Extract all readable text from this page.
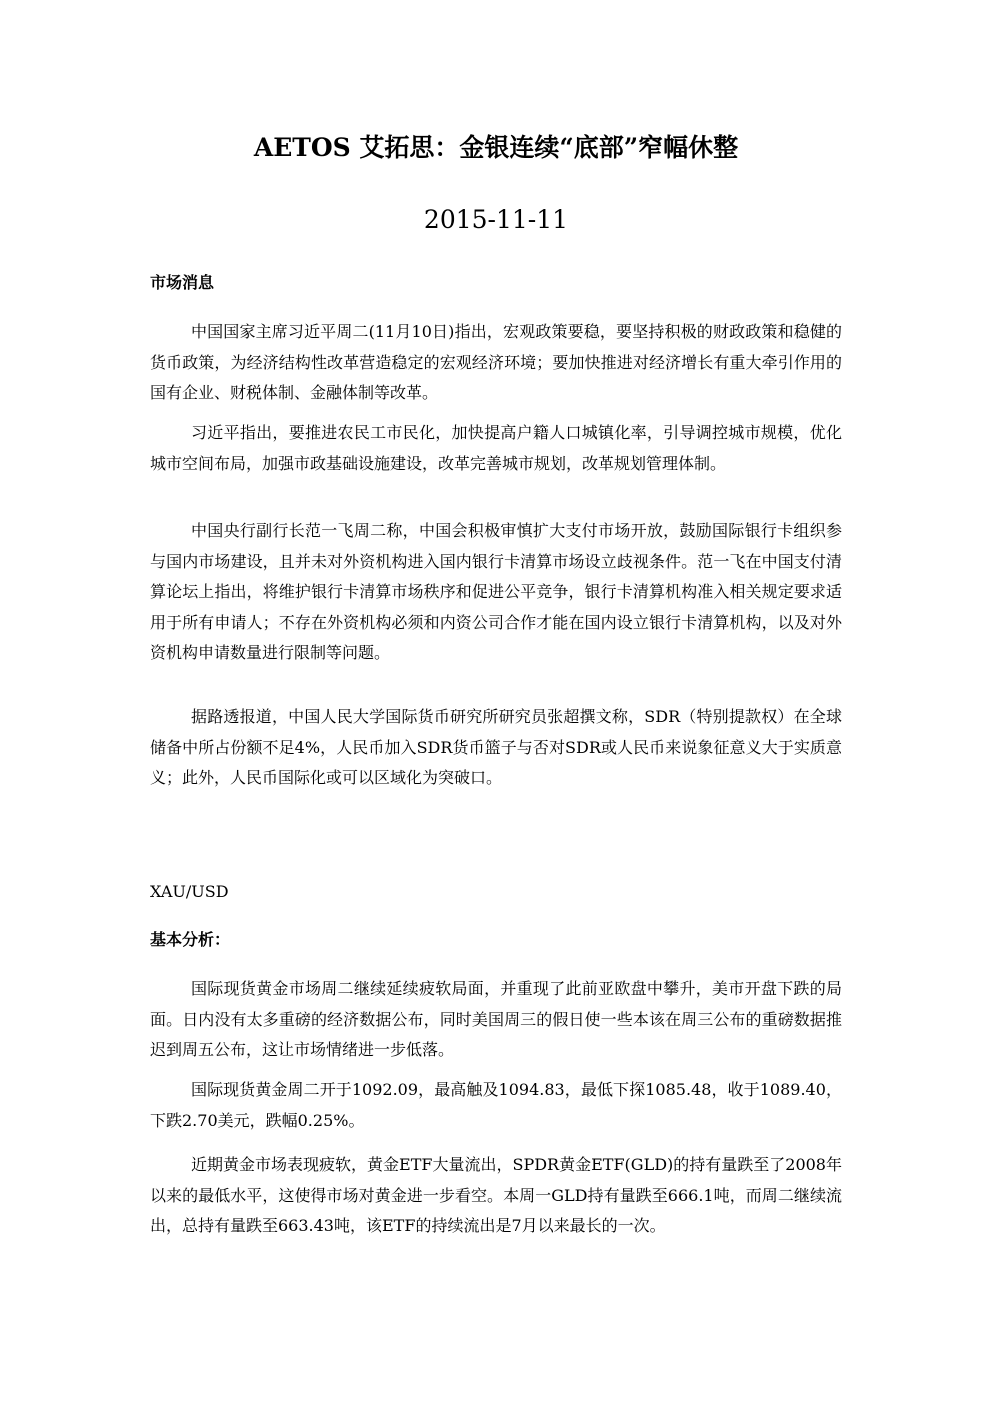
AETOS 艾拓思：金银连续“底部”窄幅休整
2015-11-11
市场消息

中国国家主席习近平周二(11月10日)指出，宏观政策要稳，要坚持积极的财政政策和稳健的货币政策，为经济结构性改革营造稳定的宏观经济环境；要加快推进对经济增长有重大牵引作用的国有企业、财税体制、金融体制等改革。

习近平指出，要推进农民工市民化，加快提高户籍人口城镇化率，引导调控城市规模，优化城市空间布局，加强市政基础设施建设，改革完善城市规划，改革规划管理体制。

中国央行副行长范一飞周二称，中国会积极审慎扩大支付市场开放，鼓励国际银行卡组织参与国内市场建设，且并未对外资机构进入国内银行卡清算市场设立歧视条件。范一飞在中国支付清算论坛上指出，将维护银行卡清算市场秩序和促进公平竞争，银行卡清算机构准入相关规定要求适用于所有申请人；不存在外资机构必须和内资公司合作才能在国内设立银行卡清算机构，以及对外资机构申请数量进行限制等问题。

据路透报道，中国人民大学国际货币研究所研究员张超撰文称，SDR（特别提款权）在全球储备中所占份额不足4%，人民币加入SDR货币篮子与否对SDR或人民币来说象征意义大于实质意义；此外，人民币国际化或可以区域化为突破口。

XAU/USD
基本分析：

国际现货黄金市场周二继续延续疲软局面，并重现了此前亚欧盘中攀升，美市开盘下跌的局面。日内没有太多重磅的经济数据公布，同时美国周三的假日使一些本该在周三公布的重磅数据推迟到周五公布，这让市场情绪进一步低落。

国际现货黄金周二开于1092.09，最高触及1094.83，最低下探1085.48，收于1089.40，下跌2.70美元，跌幅0.25%。

近期黄金市场表现疲软，黄金ETF大量流出，SPDR黄金ETF(GLD)的持有量跌至了2008年以来的最低水平，这使得市场对黄金进一步看空。本周一GLD持有量跌至666.1吨，而周二继续流出，总持有量跌至663.43吨，该ETF的持续流出是7月以来最长的一次。
